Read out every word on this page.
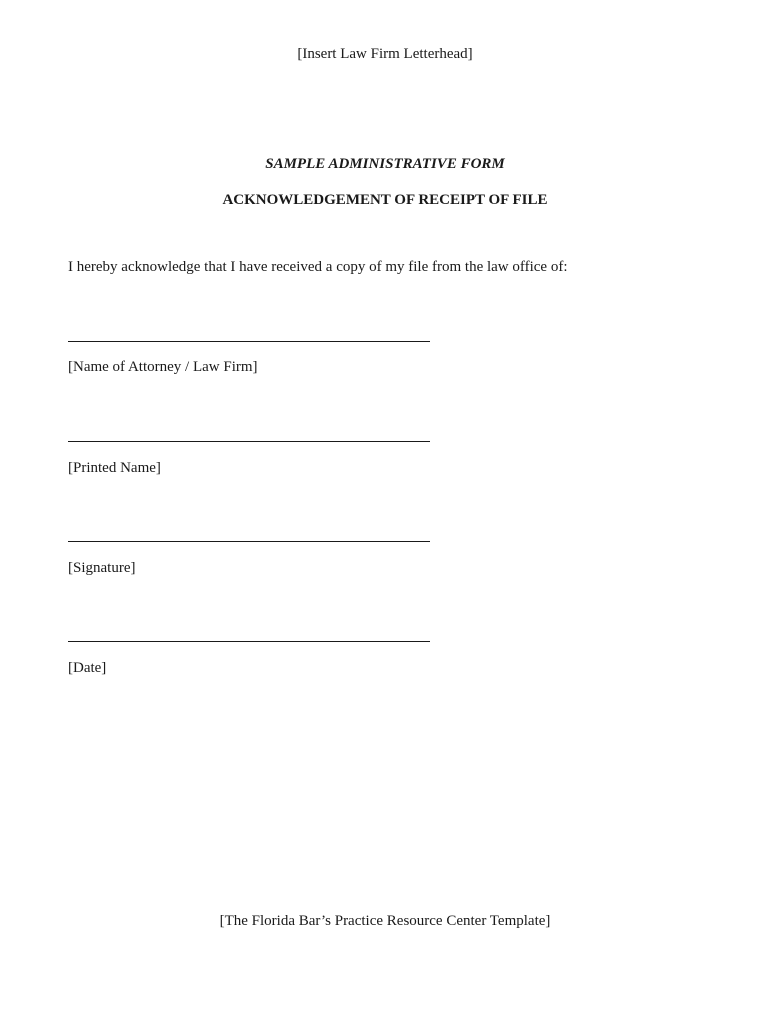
[Insert Law Firm Letterhead]
SAMPLE ADMINISTRATIVE FORM
ACKNOWLEDGEMENT OF RECEIPT OF FILE
I hereby acknowledge that I have received a copy of my file from the law office of:
[Name of Attorney / Law Firm]
[Printed Name]
[Signature]
[Date]
[The Florida Bar’s Practice Resource Center Template]
